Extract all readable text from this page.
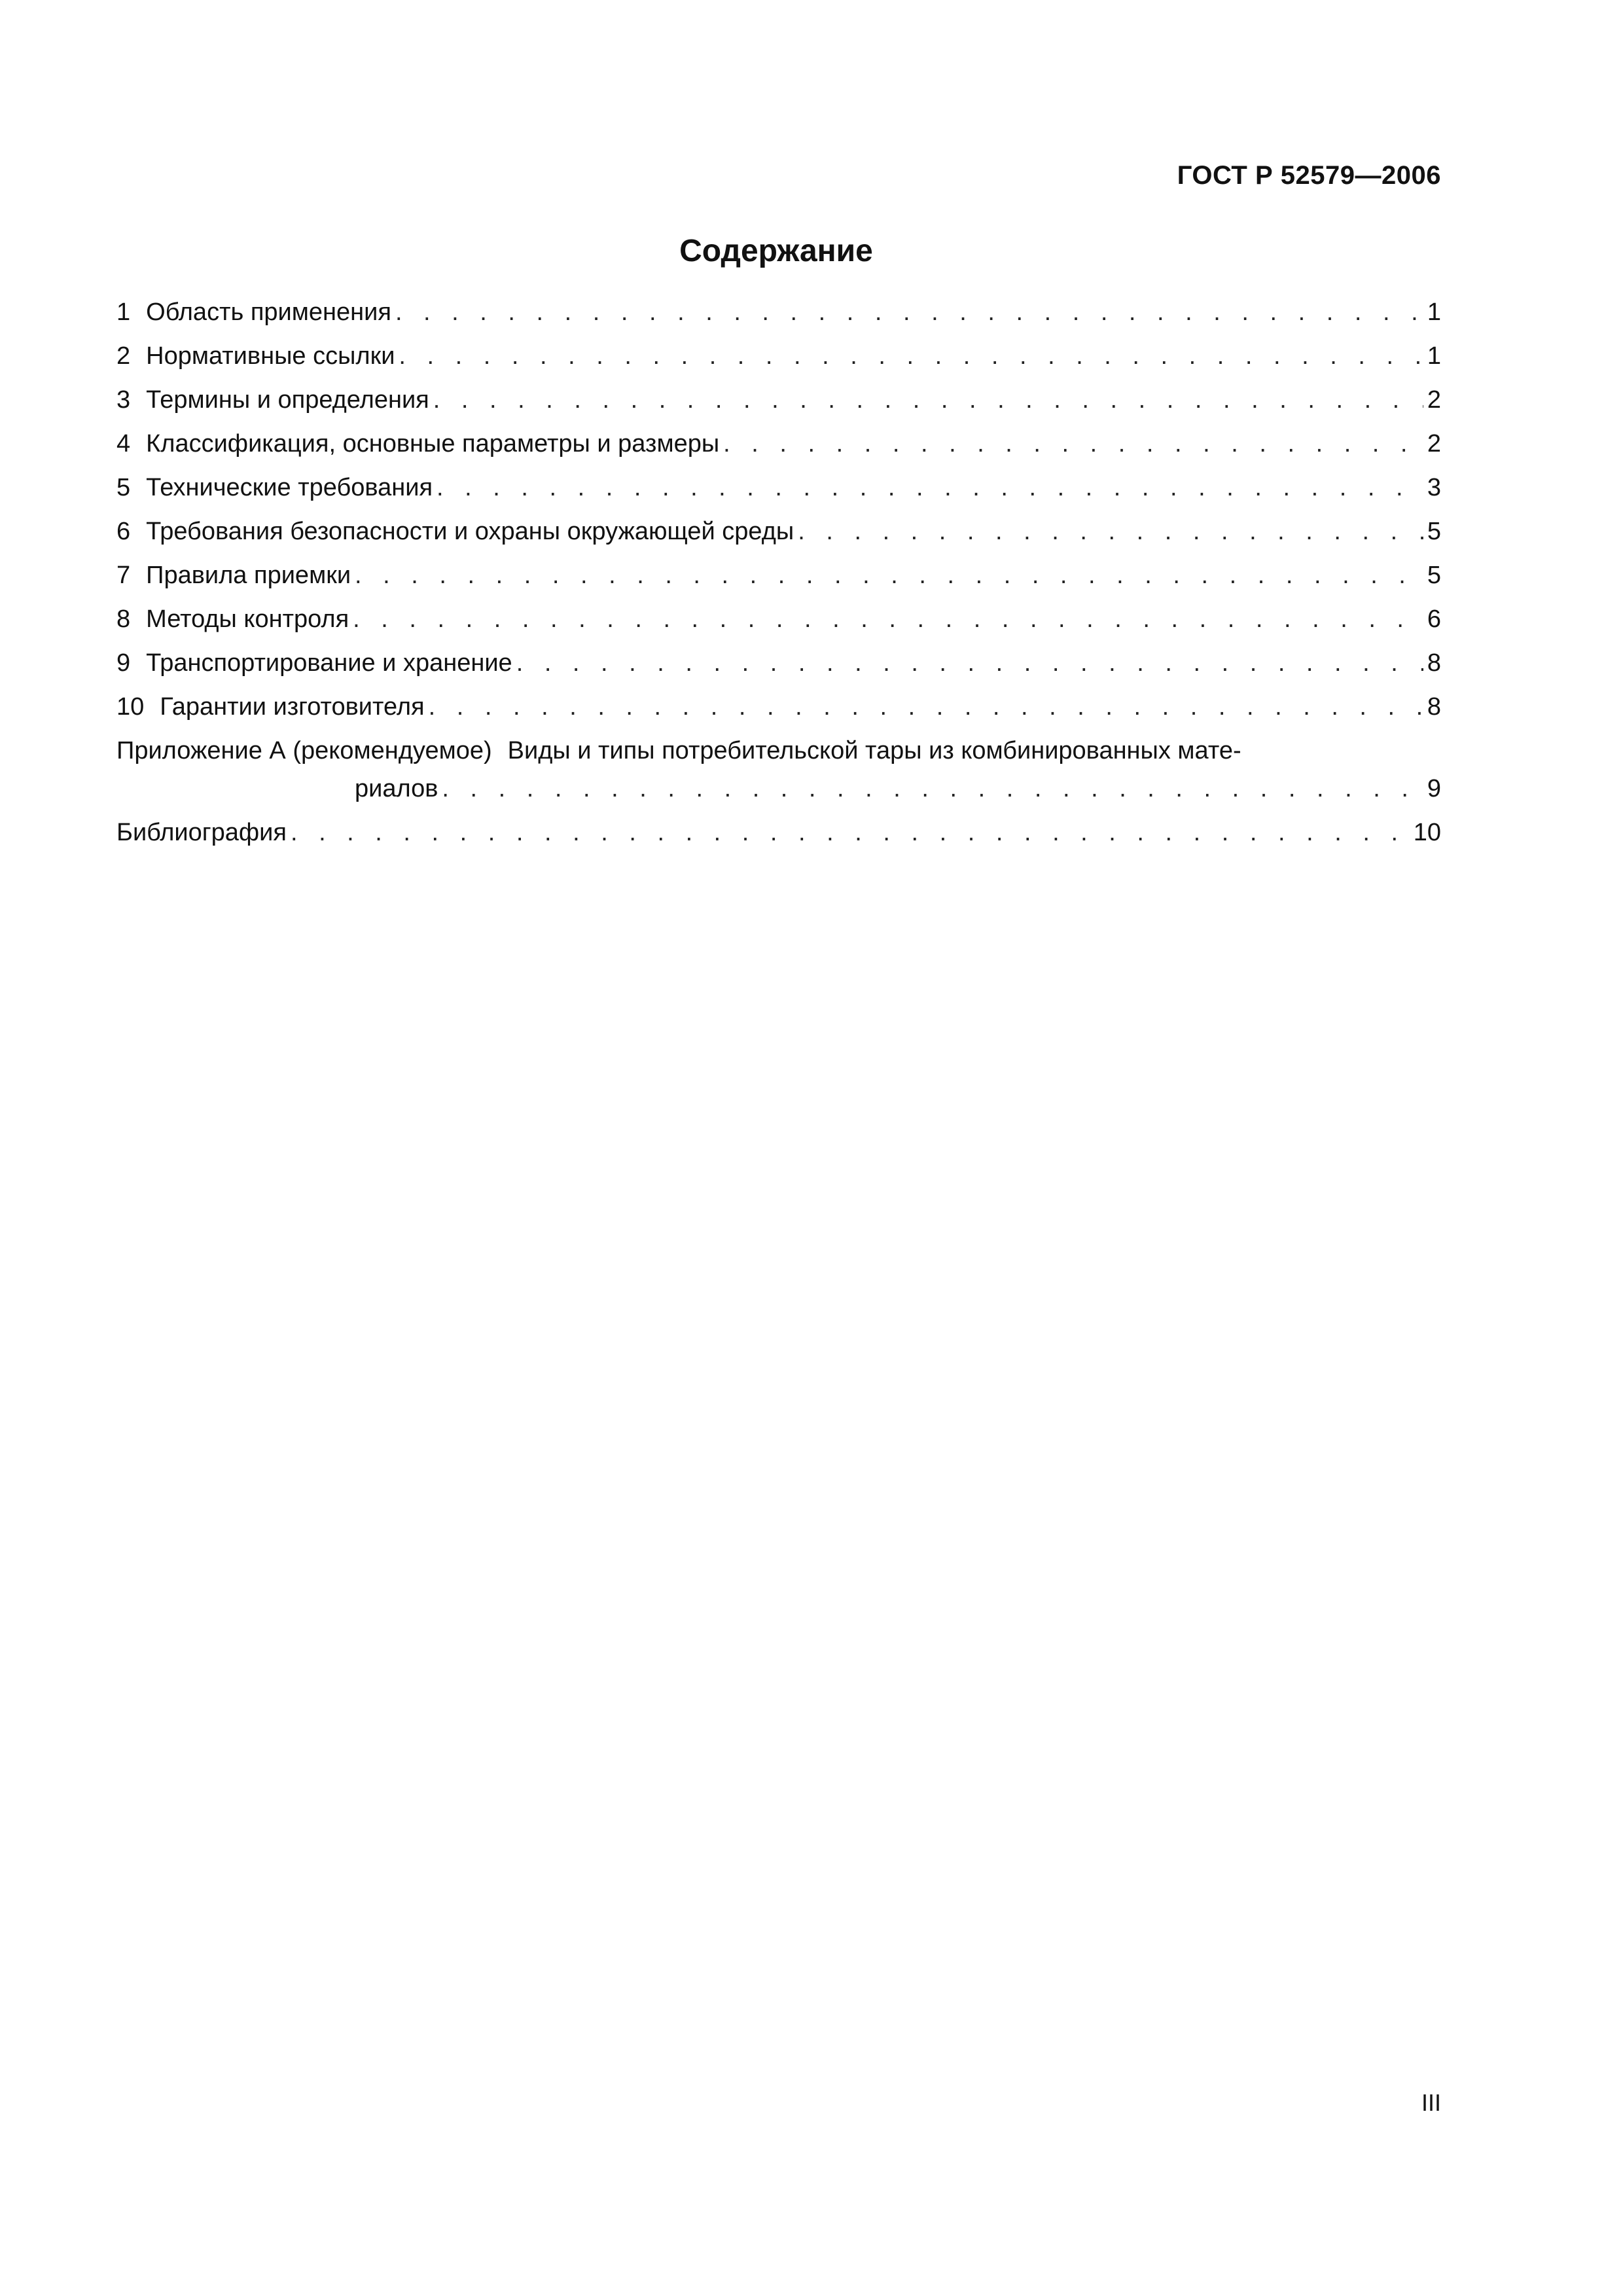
ГОСТ Р 52579—2006
Содержание
1 Область применения . . .	1
2 Нормативные ссылки . . .	1
3 Термины и определения . . .	2
4 Классификация, основные параметры и размеры . . .	2
5 Технические требования . . .	3
6 Требования безопасности и охраны окружающей среды . . .	5
7 Правила приемки . . .	5
8 Методы контроля . . .	6
9 Транспортирование и хранение . . .	8
10 Гарантии изготовителя . . .	8
Приложение А (рекомендуемое) Виды и типы потребительской тары из комбинированных мате-
риалов . . .	9
Библиография . . .	10
III
